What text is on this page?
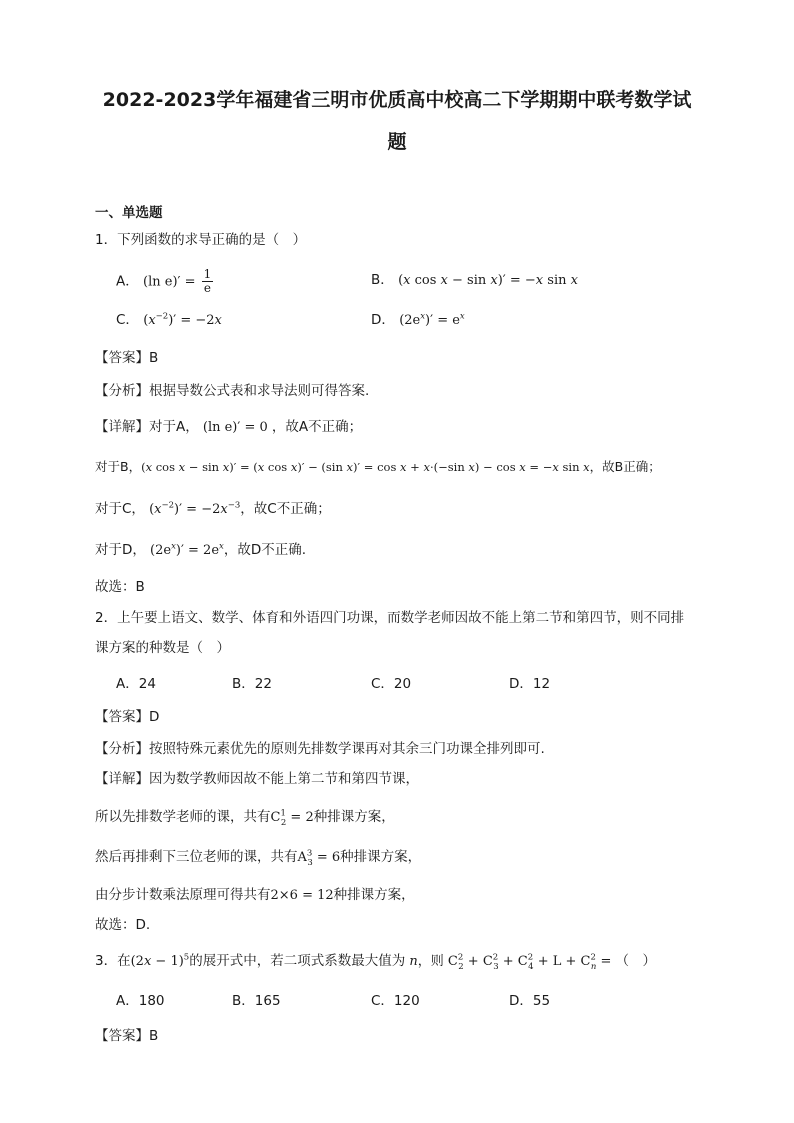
2022-2023学年福建省三明市优质高中校高二下学期期中联考数学试
题
一、单选题
1．下列函数的求导正确的是（　）
A． (ln $e)' = \frac{1}{e}$	B． (x cos x − sin x)′ = −x sin x
C． $(x^{-2})' = -2x$	D． $(2e^x)' = e^x$
【答案】B
【分析】根据导数公式表和求导法则可得答案.
【详解】对于A， (ln e)′ = 0 ，故A不正确；
对于B，(x cos x − sin x)′ = (x cos x)′ − (sin x)′ = cos x + x·(−sin x) − cos x = −x sin x，故B正确；
对于C， $(x^{-2})' = -2x^{-3}$，故C不正确；
对于D， $(2e^x)' = 2e^x$，故D不正确.
故选：B
2．上午要上语文、数学、体育和外语四门功课，而数学老师因故不能上第二节和第四节，则不同排
课方案的种数是（　）
A．24	B．22	C．20	D．12
【答案】D
【分析】按照特殊元素优先的原则先排数学课再对其余三门功课全排列即可.
【详解】因为数学教师因故不能上第二节和第四节课，
所以先排数学老师的课，共有$C^1_2 = 2$种排课方案，
然后再排剩下三位老师的课，共有$A^3_3 = 6$种排课方案，
由分步计数乘法原理可得共有2×6 = 12种排课方案，
故选：D.
3．在$(2x - 1)^5$的展开式中，若二项式系数最大值为 n，则 $C^2_2 + C^2_3 + C^2_4 + L + C^2_n$ = （　）
A．180	B．165	C．120	D．55
【答案】B
